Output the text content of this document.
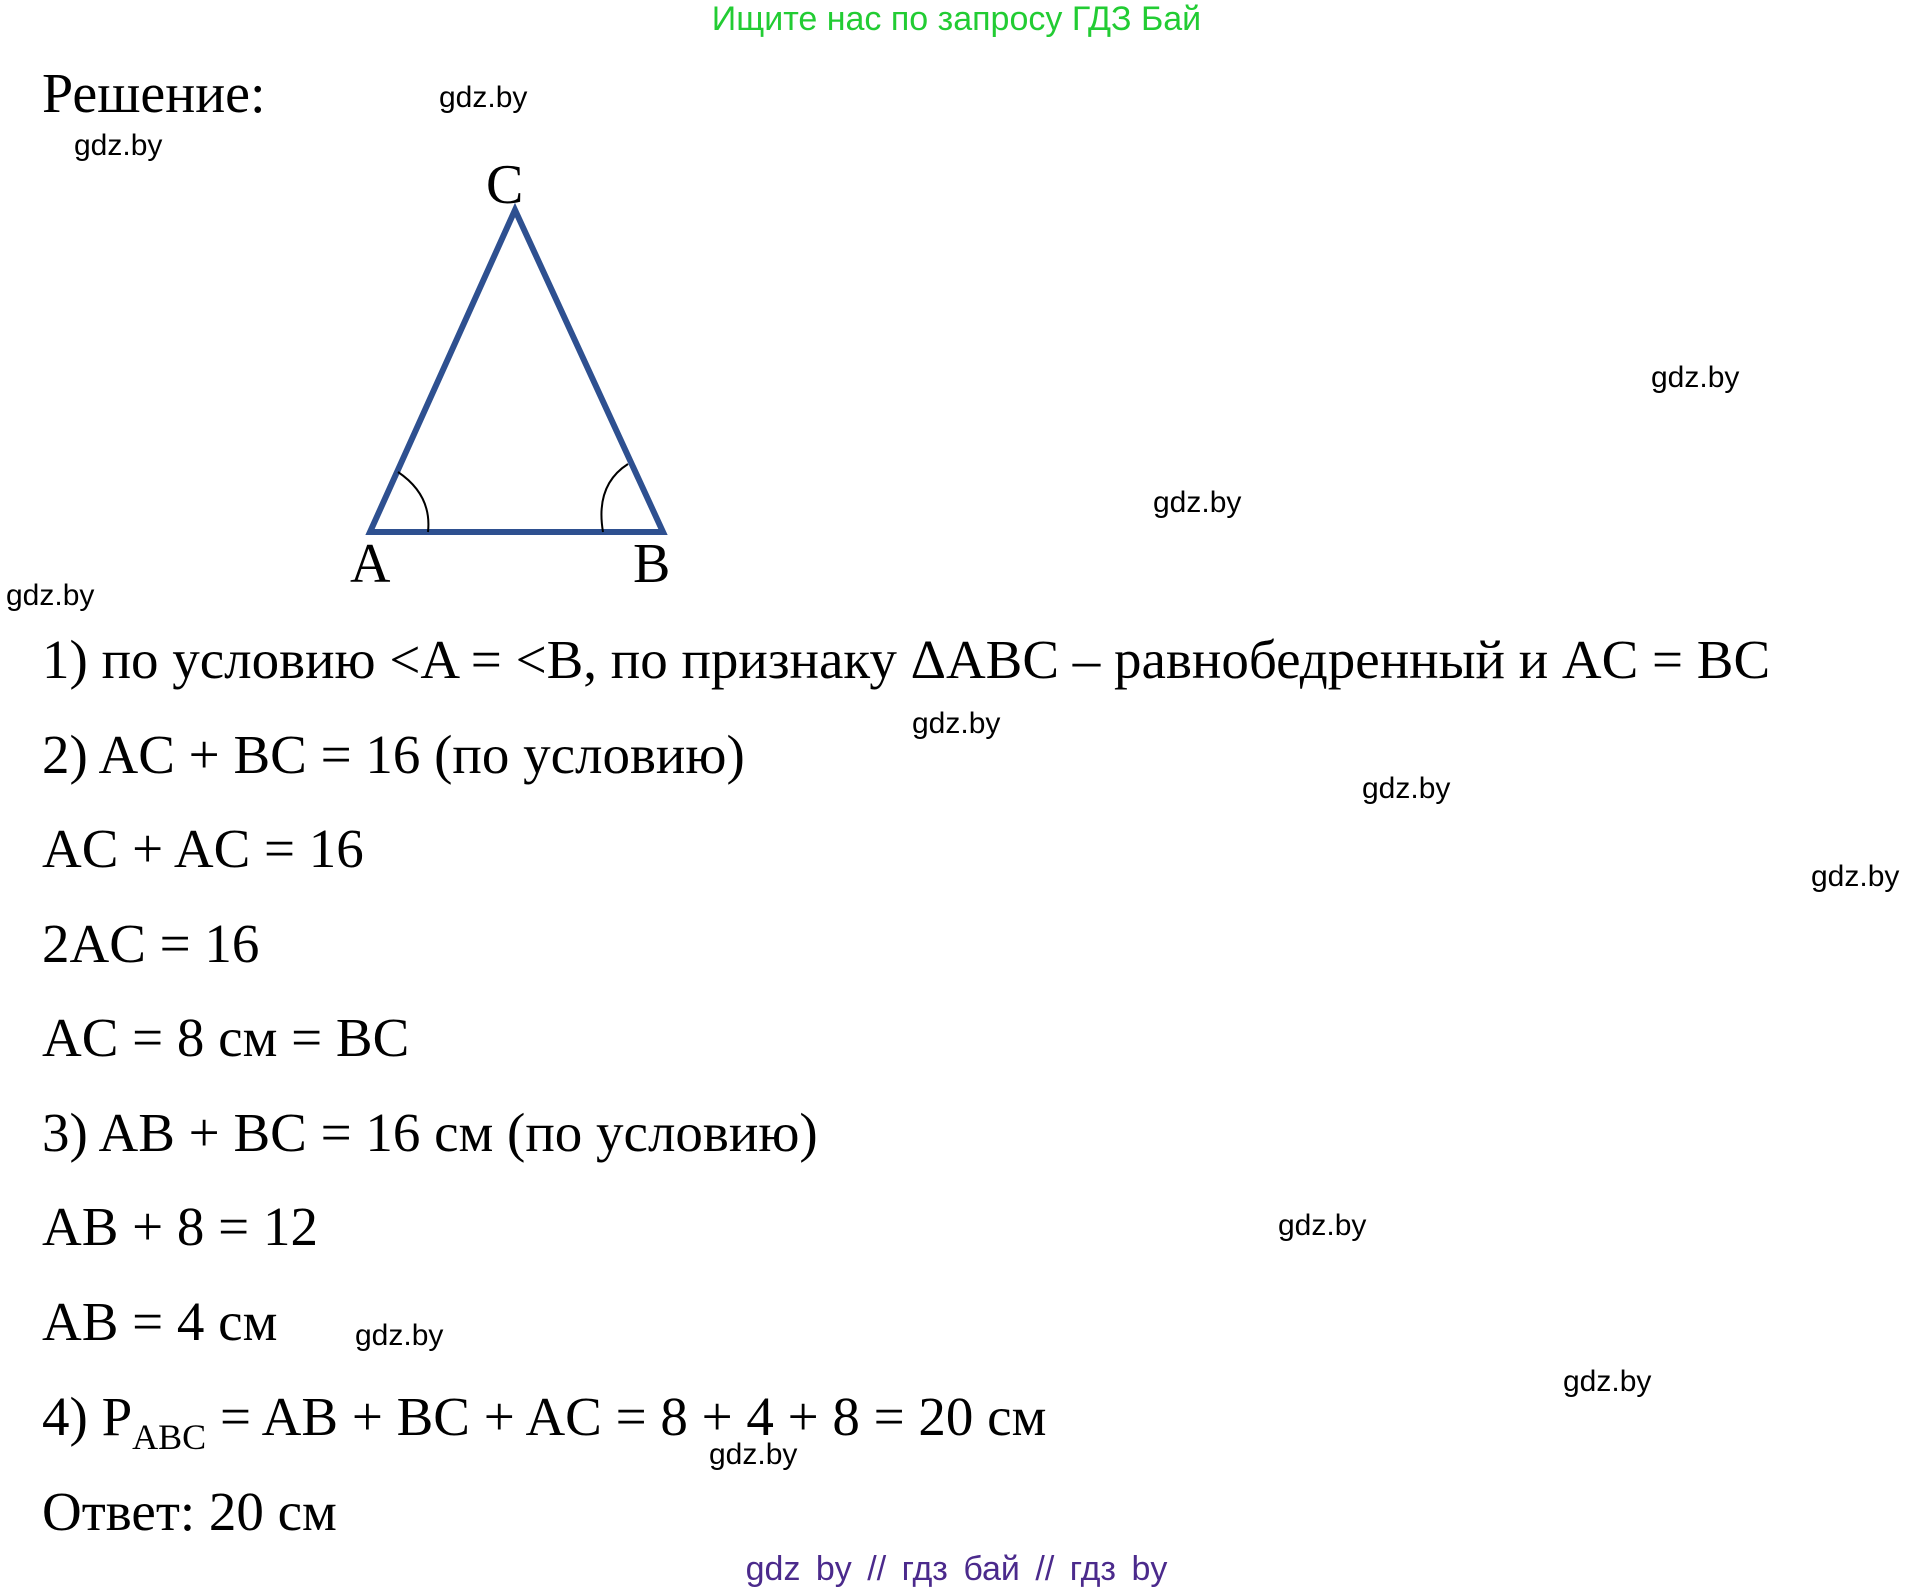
Ищите нас по запросу ГДЗ Бай
Решение:
C
A	B
gdz.by
gdz.by
gdz.by
gdz.by
gdz.by
gdz.by
gdz.by
gdz.by
gdz.by
gdz.by
gdz.by
gdz.by
1) по условию <A = <B, по признаку ΔABC – равнобедренный и AC = BC
2) AC + BC = 16 (по условию)
AC + AC = 16
2AC = 16
AC = 8 см = BC
3) AB + BC = 16 см (по условию)
AB + 8 = 12
AB = 4 см
4) $P_{ABC}$ = AB + BC + AC = 8 + 4 + 8 = 20 см
Ответ: 20 см
gdz by // гдз бай // гдз by
